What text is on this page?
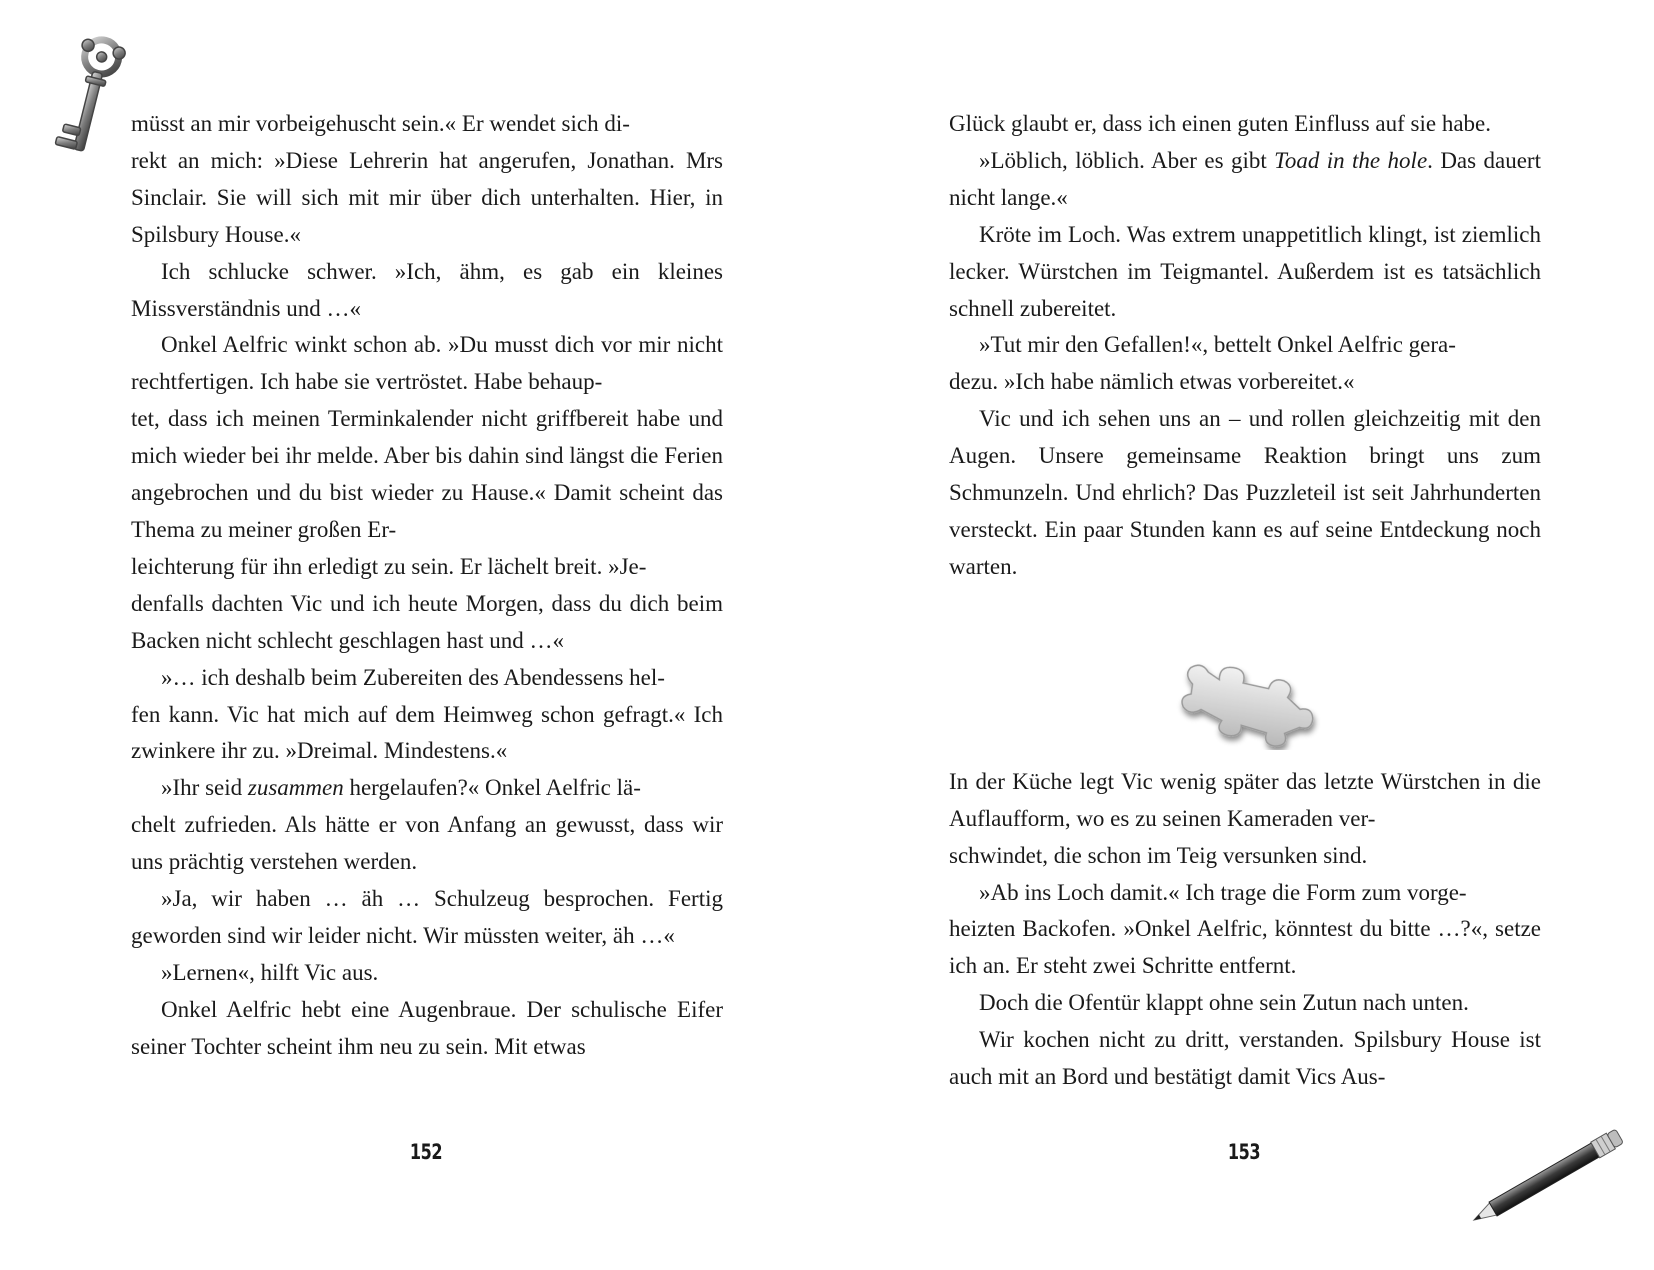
müsst an mir vorbeigehuscht sein.« Er wendet sich di-
rekt an mich: »Diese Lehrerin hat angerufen, Jonathan. Mrs Sinclair. Sie will sich mit mir über dich unterhalten. Hier, in Spilsbury House.«

Ich schlucke schwer. »Ich, ähm, es gab ein kleines Missverständnis und …«

Onkel Aelfric winkt schon ab. »Du musst dich vor mir nicht rechtfertigen. Ich habe sie vertröstet. Habe behaup-
tet, dass ich meinen Terminkalender nicht griffbereit habe und mich wieder bei ihr melde. Aber bis dahin sind längst die Ferien angebrochen und du bist wieder zu Hause.« Damit scheint das Thema zu meiner großen Er-
leichterung für ihn erledigt zu sein. Er lächelt breit. »Je-
denfalls dachten Vic und ich heute Morgen, dass du dich beim Backen nicht schlecht geschlagen hast und …«

»… ich deshalb beim Zubereiten des Abendessens hel-
fen kann. Vic hat mich auf dem Heimweg schon gefragt.« Ich zwinkere ihr zu. »Dreimal. Mindestens.«

»Ihr seid zusammen hergelaufen?« Onkel Aelfric lä-
chelt zufrieden. Als hätte er von Anfang an gewusst, dass wir uns prächtig verstehen werden.

»Ja, wir haben … äh … Schulzeug besprochen. Fertig geworden sind wir leider nicht. Wir müssten weiter, äh …«

»Lernen«, hilft Vic aus.

Onkel Aelfric hebt eine Augenbraue. Der schulische Eifer seiner Tochter scheint ihm neu zu sein. Mit etwas

152

Glück glaubt er, dass ich einen guten Einfluss auf sie habe.

»Löblich, löblich. Aber es gibt Toad in the hole. Das dauert nicht lange.«

Kröte im Loch. Was extrem unappetitlich klingt, ist ziemlich lecker. Würstchen im Teigmantel. Außerdem ist es tatsächlich schnell zubereitet.

»Tut mir den Gefallen!«, bettelt Onkel Aelfric gera-
dezu. »Ich habe nämlich etwas vorbereitet.«

Vic und ich sehen uns an – und rollen gleichzeitig mit den Augen. Unsere gemeinsame Reaktion bringt uns zum Schmunzeln. Und ehrlich? Das Puzzleteil ist seit Jahrhunderten versteckt. Ein paar Stunden kann es auf seine Entdeckung noch warten.

In der Küche legt Vic wenig später das letzte Würstchen in die Auflaufform, wo es zu seinen Kameraden ver-
schwindet, die schon im Teig versunken sind.

»Ab ins Loch damit.« Ich trage die Form zum vorge-
heizten Backofen. »Onkel Aelfric, könntest du bitte …?«, setze ich an. Er steht zwei Schritte entfernt.

Doch die Ofentür klappt ohne sein Zutun nach unten.

Wir kochen nicht zu dritt, verstanden. Spilsbury House ist auch mit an Bord und bestätigt damit Vics Aus-

153
